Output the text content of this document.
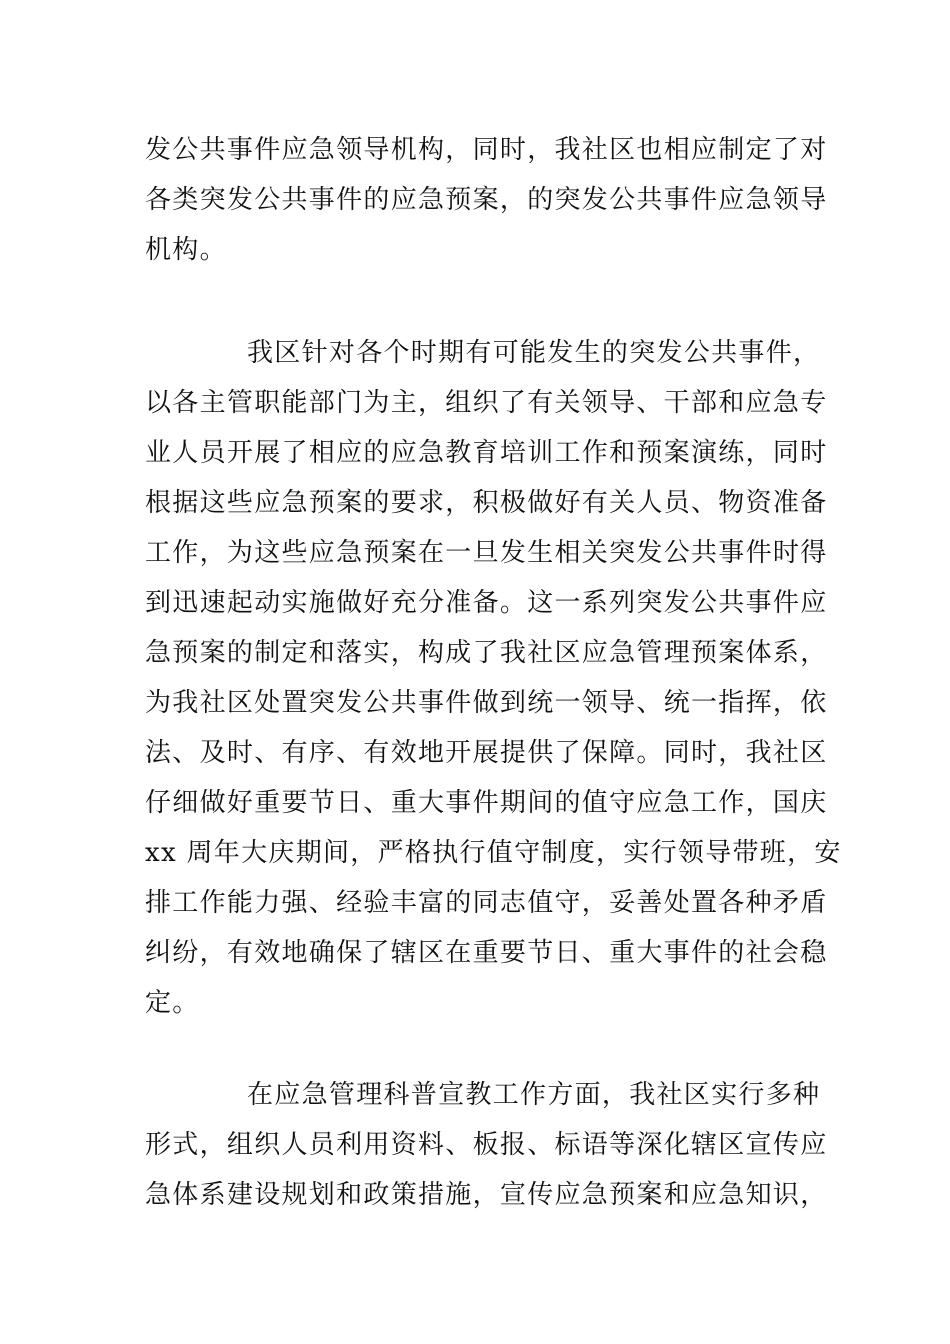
发公共事件应急领导机构，同时，我社区也相应制定了对
各类突发公共事件的应急预案，的突发公共事件应急领导
机构。
我区针对各个时期有可能发生的突发公共事件，
以各主管职能部门为主，组织了有关领导、干部和应急专
业人员开展了相应的应急教育培训工作和预案演练，同时
根据这些应急预案的要求，积极做好有关人员、物资准备
工作，为这些应急预案在一旦发生相关突发公共事件时得
到迅速起动实施做好充分准备。这一系列突发公共事件应
急预案的制定和落实，构成了我社区应急管理预案体系，
为我社区处置突发公共事件做到统一领导、统一指挥，依
法、及时、有序、有效地开展提供了保障。同时，我社区
仔细做好重要节日、重大事件期间的值守应急工作，国庆
xx 周年大庆期间，严格执行值守制度，实行领导带班，安
排工作能力强、经验丰富的同志值守，妥善处置各种矛盾
纠纷，有效地确保了辖区在重要节日、重大事件的社会稳
定。
在应急管理科普宣教工作方面，我社区实行多种
形式，组织人员利用资料、板报、标语等深化辖区宣传应
急体系建设规划和政策措施，宣传应急预案和应急知识，
